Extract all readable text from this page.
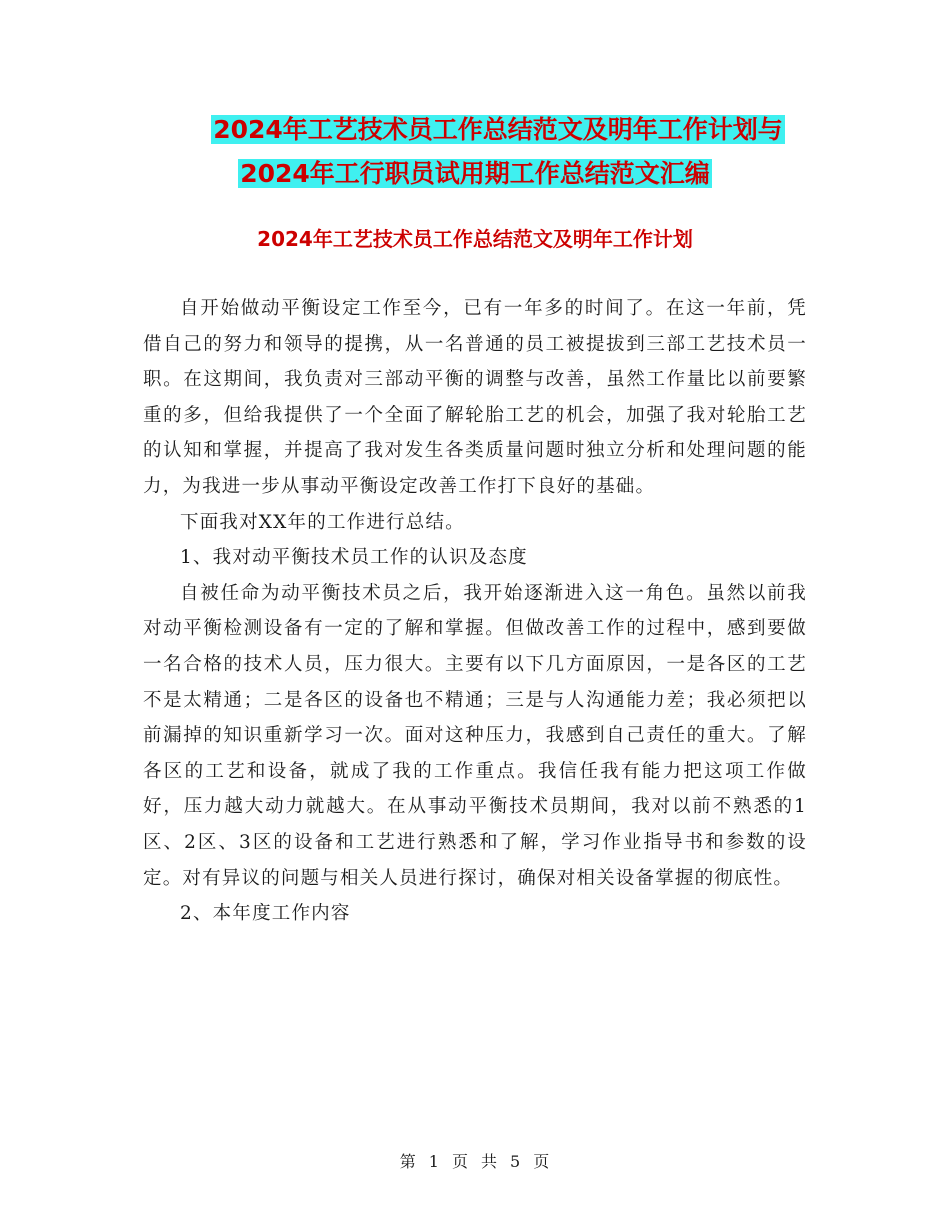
2024年工艺技术员工作总结范文及明年工作计划与
2024年工行职员试用期工作总结范文汇编
2024年工艺技术员工作总结范文及明年工作计划

自开始做动平衡设定工作至今，已有一年多的时间了。在这一年前，凭借自己的努力和领导的提携，从一名普通的员工被提拔到三部工艺技术员一职。在这期间，我负责对三部动平衡的调整与改善，虽然工作量比以前要繁重的多，但给我提供了一个全面了解轮胎工艺的机会，加强了我对轮胎工艺的认知和掌握，并提高了我对发生各类质量问题时独立分析和处理问题的能力，为我进一步从事动平衡设定改善工作打下良好的基础。

下面我对XX年的工作进行总结。

1、我对动平衡技术员工作的认识及态度

自被任命为动平衡技术员之后，我开始逐渐进入这一角色。虽然以前我对动平衡检测设备有一定的了解和掌握。但做改善工作的过程中，感到要做一名合格的技术人员，压力很大。主要有以下几方面原因，一是各区的工艺不是太精通；二是各区的设备也不精通；三是与人沟通能力差；我必须把以前漏掉的知识重新学习一次。面对这种压力，我感到自己责任的重大。了解各区的工艺和设备，就成了我的工作重点。我信任我有能力把这项工作做好，压力越大动力就越大。在从事动平衡技术员期间，我对以前不熟悉的1区、2区、3区的设备和工艺进行熟悉和了解，学习作业指导书和参数的设定。对有异议的问题与相关人员进行探讨，确保对相关设备掌握的彻底性。

2、本年度工作内容

第 1 页 共 5 页
